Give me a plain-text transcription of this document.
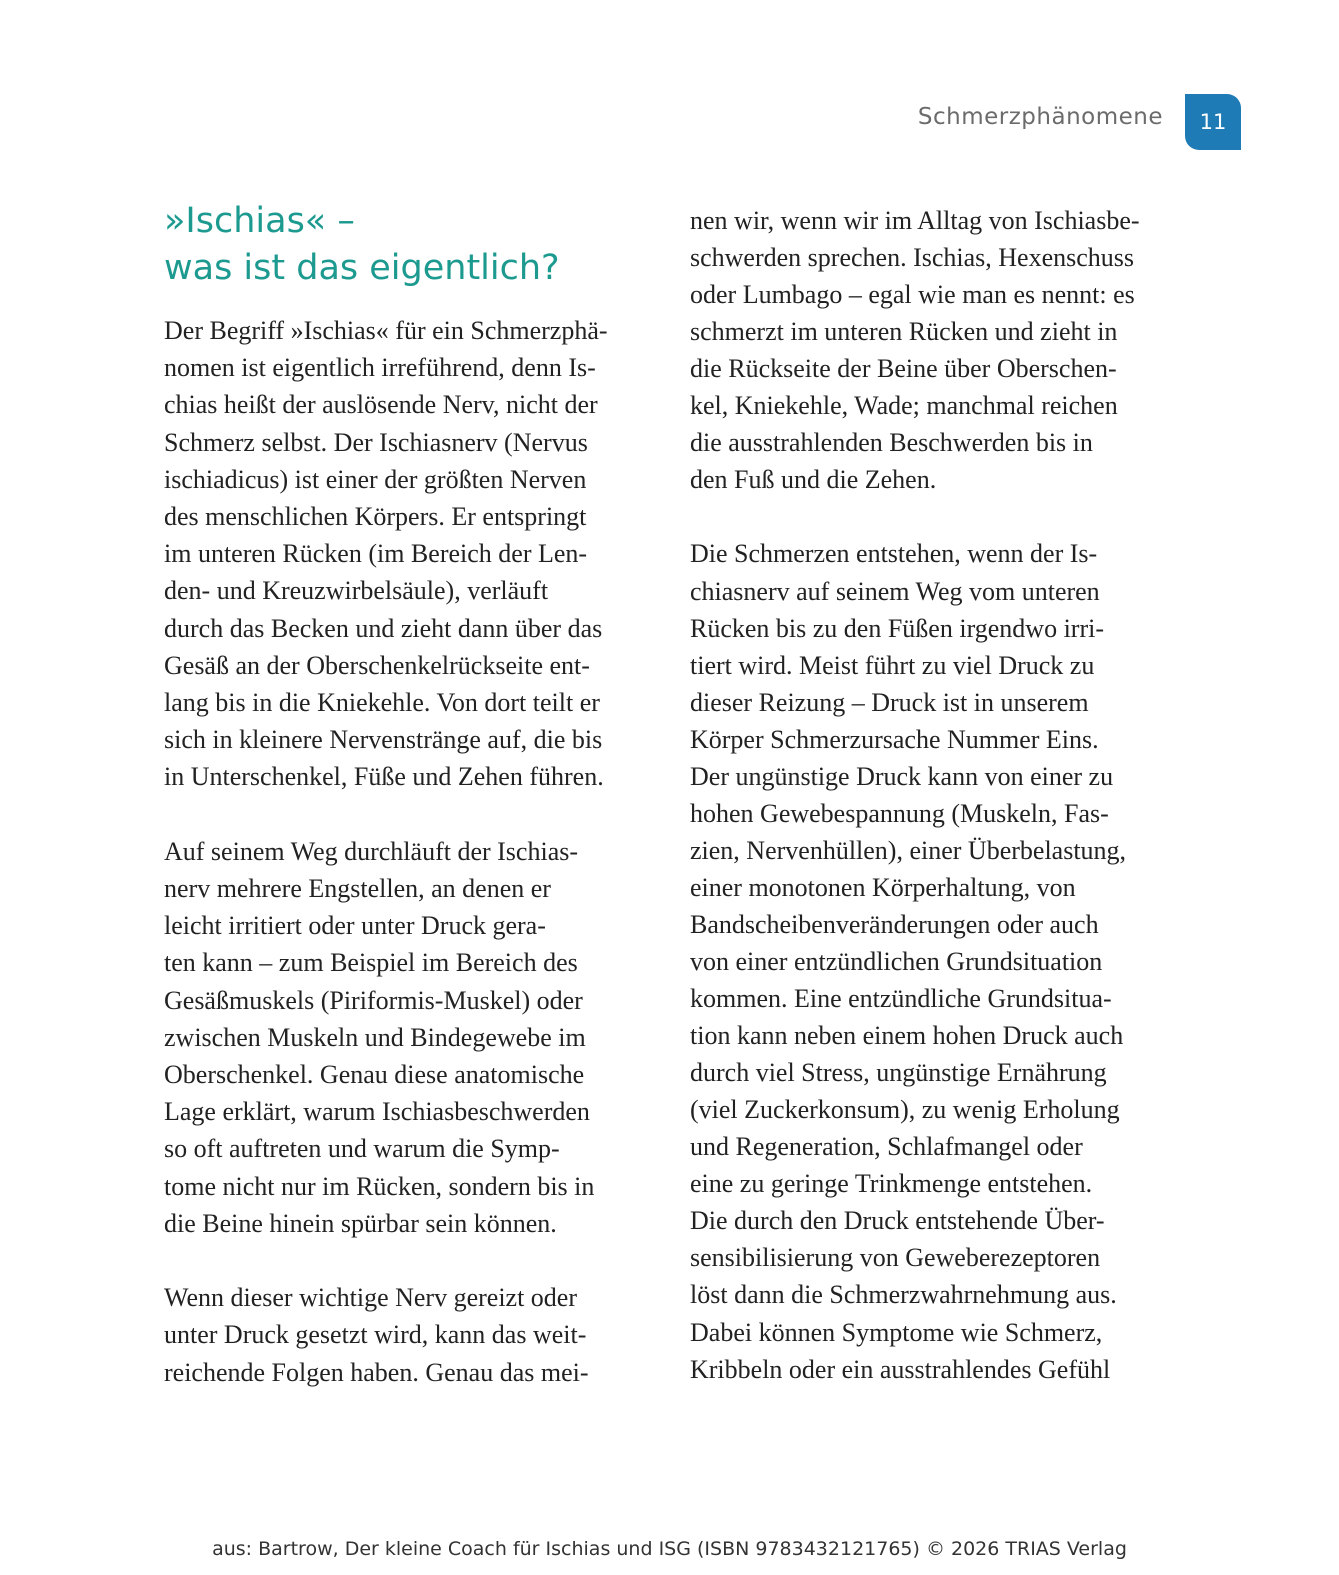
Schmerzphänomene	11
»Ischias« –
was ist das eigentlich?
Der Begriff »Ischias« für ein Schmerzphä-
nomen ist eigentlich irreführend, denn Is-
chias heißt der auslösende Nerv, nicht der
Schmerz selbst. Der Ischiasnerv (Nervus
ischiadicus) ist einer der größten Nerven
des menschlichen Körpers. Er entspringt
im unteren Rücken (im Bereich der Len-
den- und Kreuzwirbelsäule), verläuft
durch das Becken und zieht dann über das
Gesäß an der Oberschenkelrückseite ent-
lang bis in die Kniekehle. Von dort teilt er
sich in kleinere Nervenstränge auf, die bis
in Unterschenkel, Füße und Zehen führen.
Auf seinem Weg durchläuft der Ischias-
nerv mehrere Engstellen, an denen er
leicht irritiert oder unter Druck gera-
ten kann – zum Beispiel im Bereich des
Gesäßmuskels (Piriformis-Muskel) oder
zwischen Muskeln und Bindegewebe im
Oberschenkel. Genau diese anatomische
Lage erklärt, warum Ischiasbeschwerden
so oft auftreten und warum die Symp-
tome nicht nur im Rücken, sondern bis in
die Beine hinein spürbar sein können.
Wenn dieser wichtige Nerv gereizt oder
unter Druck gesetzt wird, kann das weit-
reichende Folgen haben. Genau das mei-
nen wir, wenn wir im Alltag von Ischiasbe-
schwerden sprechen. Ischias, Hexenschuss
oder Lumbago – egal wie man es nennt: es
schmerzt im unteren Rücken und zieht in
die Rückseite der Beine über Oberschen-
kel, Kniekehle, Wade; manchmal reichen
die ausstrahlenden Beschwerden bis in
den Fuß und die Zehen.
Die Schmerzen entstehen, wenn der Is-
chiasnerv auf seinem Weg vom unteren
Rücken bis zu den Füßen irgendwo irri-
tiert wird. Meist führt zu viel Druck zu
dieser Reizung – Druck ist in unserem
Körper Schmerzursache Nummer Eins.
Der ungünstige Druck kann von einer zu
hohen Gewebespannung (Muskeln, Fas-
zien, Nervenhüllen), einer Überbelastung,
einer monotonen Körperhaltung, von
Bandscheibenveränderungen oder auch
von einer entzündlichen Grundsituation
kommen. Eine entzündliche Grundsitua-
tion kann neben einem hohen Druck auch
durch viel Stress, ungünstige Ernährung
(viel Zuckerkonsum), zu wenig Erholung
und Regeneration, Schlafmangel oder
eine zu geringe Trinkmenge entstehen.
Die durch den Druck entstehende Über-
sensibilisierung von Geweberezeptoren
löst dann die Schmerzwahrnehmung aus.
Dabei können Symptome wie Schmerz,
Kribbeln oder ein ausstrahlendes Gefühl
aus: Bartrow, Der kleine Coach für Ischias und ISG (ISBN 9783432121765) © 2026 TRIAS Verlag
